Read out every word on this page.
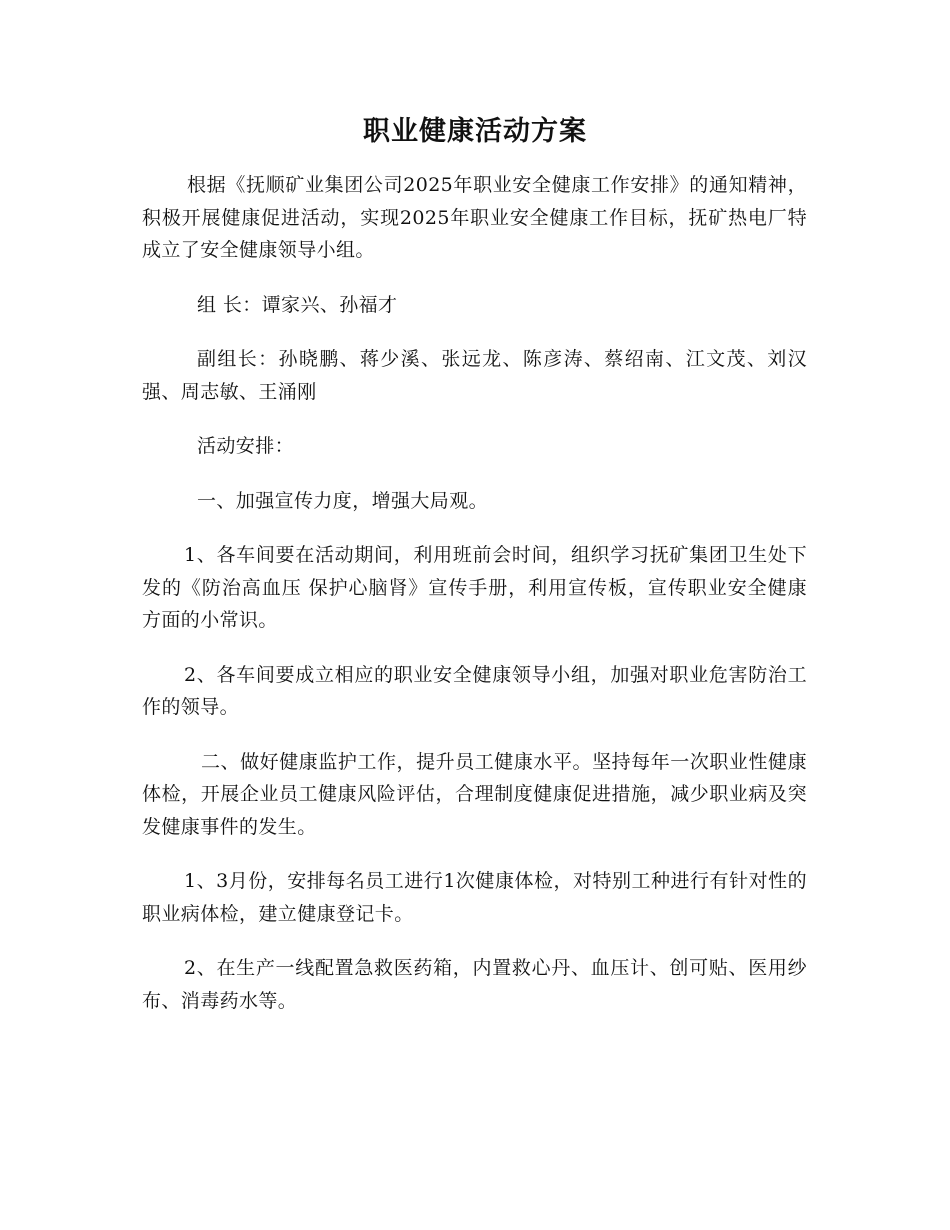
职业健康活动方案

根据《抚顺矿业集团公司2025年职业安全健康工作安排》的通知精神，积极开展健康促进活动，实现2025年职业安全健康工作目标，抚矿热电厂特成立了安全健康领导小组。

组 长：谭家兴、孙福才

副组长：孙晓鹏、蒋少溪、张远龙、陈彦涛、蔡绍南、江文茂、刘汉强、周志敏、王涌刚

活动安排：

一、加强宣传力度，增强大局观。

1、各车间要在活动期间，利用班前会时间，组织学习抚矿集团卫生处下发的《防治高血压 保护心脑肾》宣传手册，利用宣传板，宣传职业安全健康方面的小常识。

2、各车间要成立相应的职业安全健康领导小组，加强对职业危害防治工作的领导。

二、做好健康监护工作，提升员工健康水平。坚持每年一次职业性健康体检，开展企业员工健康风险评估，合理制度健康促进措施，减少职业病及突发健康事件的发生。

1、3月份，安排每名员工进行1次健康体检，对特别工种进行有针对性的职业病体检，建立健康登记卡。

2、在生产一线配置急救医药箱，内置救心丹、血压计、创可贴、医用纱布、消毒药水等。
